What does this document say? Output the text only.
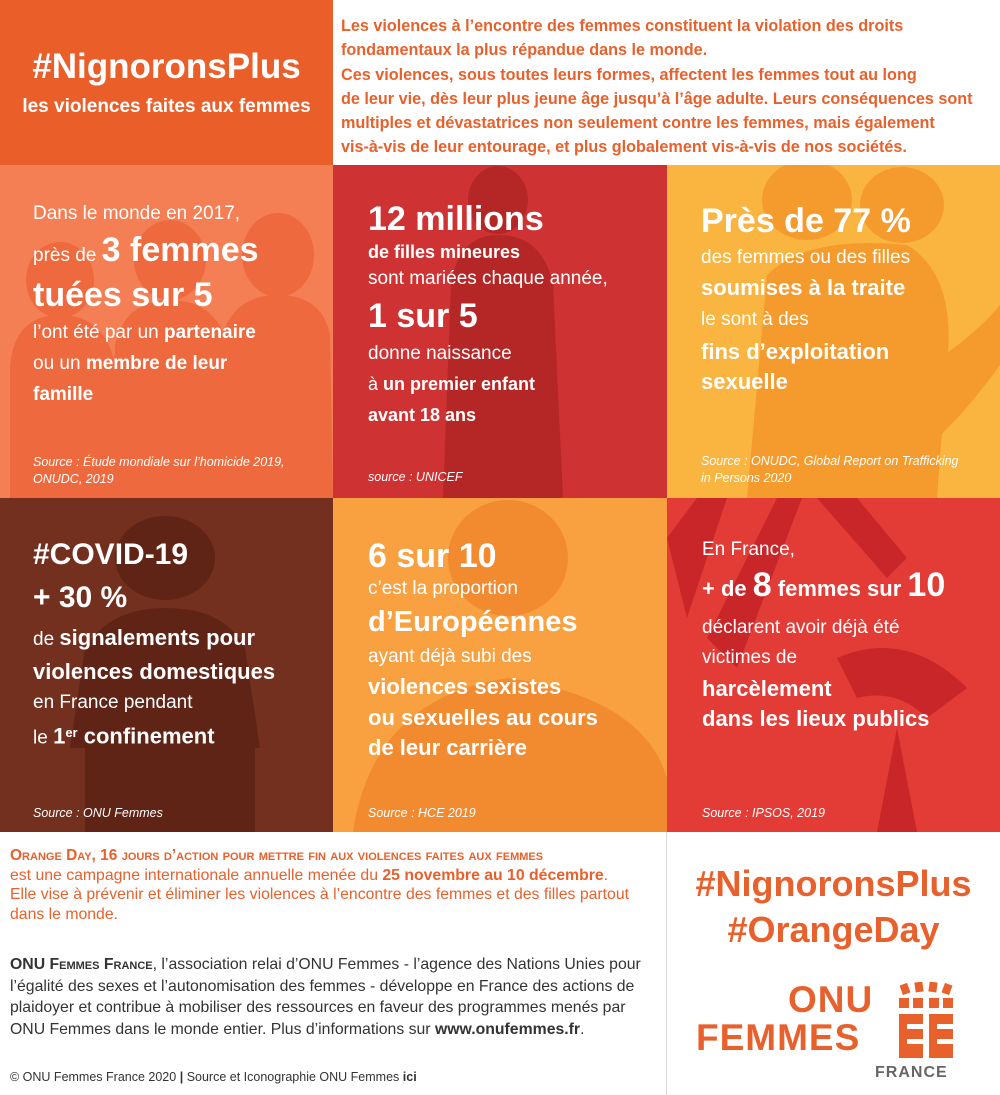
#NignoronsPlus
les violences faites aux femmes
Les violences à l’encontre des femmes constituent la violation des droits
fondamentaux la plus répandue dans le monde.
Ces violences, sous toutes leurs formes, affectent les femmes tout au long
de leur vie, dès leur plus jeune âge jusqu’à l’âge adulte. Leurs conséquences sont
multiples et dévastatrices non seulement contre les femmes, mais également
vis-à-vis de leur entourage, et plus globalement vis-à-vis de nos sociétés.
Dans le monde en 2017,
près de 3 femmes
tuées sur 5
l’ont été par un partenaire
ou un membre de leur
famille
Source : Étude mondiale sur l’homicide 2019,
ONUDC, 2019
12 millions
de filles mineures
sont mariées chaque année,
1 sur 5
donne naissance
à un premier enfant
avant 18 ans
source : UNICEF
Près de 77 %
des femmes ou des filles
soumises à la traite
le sont à des
fins d’exploitation
sexuelle
Source : ONUDC, Global Report on Trafficking
in Persons 2020
#COVID-19
+ 30 %
de signalements pour
violences domestiques
en France pendant
le 1er confinement
Source : ONU Femmes
6 sur 10
c’est la proportion
d’Européennes
ayant déjà subi des
violences sexistes
ou sexuelles au cours
de leur carrière
Source : HCE 2019
En France,
+ de 8 femmes sur 10
déclarent avoir déjà été
victimes de
harcèlement
dans les lieux publics
Source : IPSOS, 2019
Orange Day, 16 jours d’action pour mettre fin aux violences faites aux femmes
est une campagne internationale annuelle menée du 25 novembre au 10 décembre.
Elle vise à prévenir et éliminer les violences à l’encontre des femmes et des filles partout
dans le monde.
ONU Femmes France, l’association relai d’ONU Femmes - l’agence des Nations Unies pour
l’égalité des sexes et l’autonomisation des femmes - développe en France des actions de
plaidoyer et contribue à mobiliser des ressources en faveur des programmes menés par
ONU Femmes dans le monde entier. Plus d’informations sur www.onufemmes.fr.
© ONU Femmes France 2020 | Source et Iconographie ONU Femmes ici
#NignoronsPlus
#OrangeDay
ONU
FEMMES
FRANCE
